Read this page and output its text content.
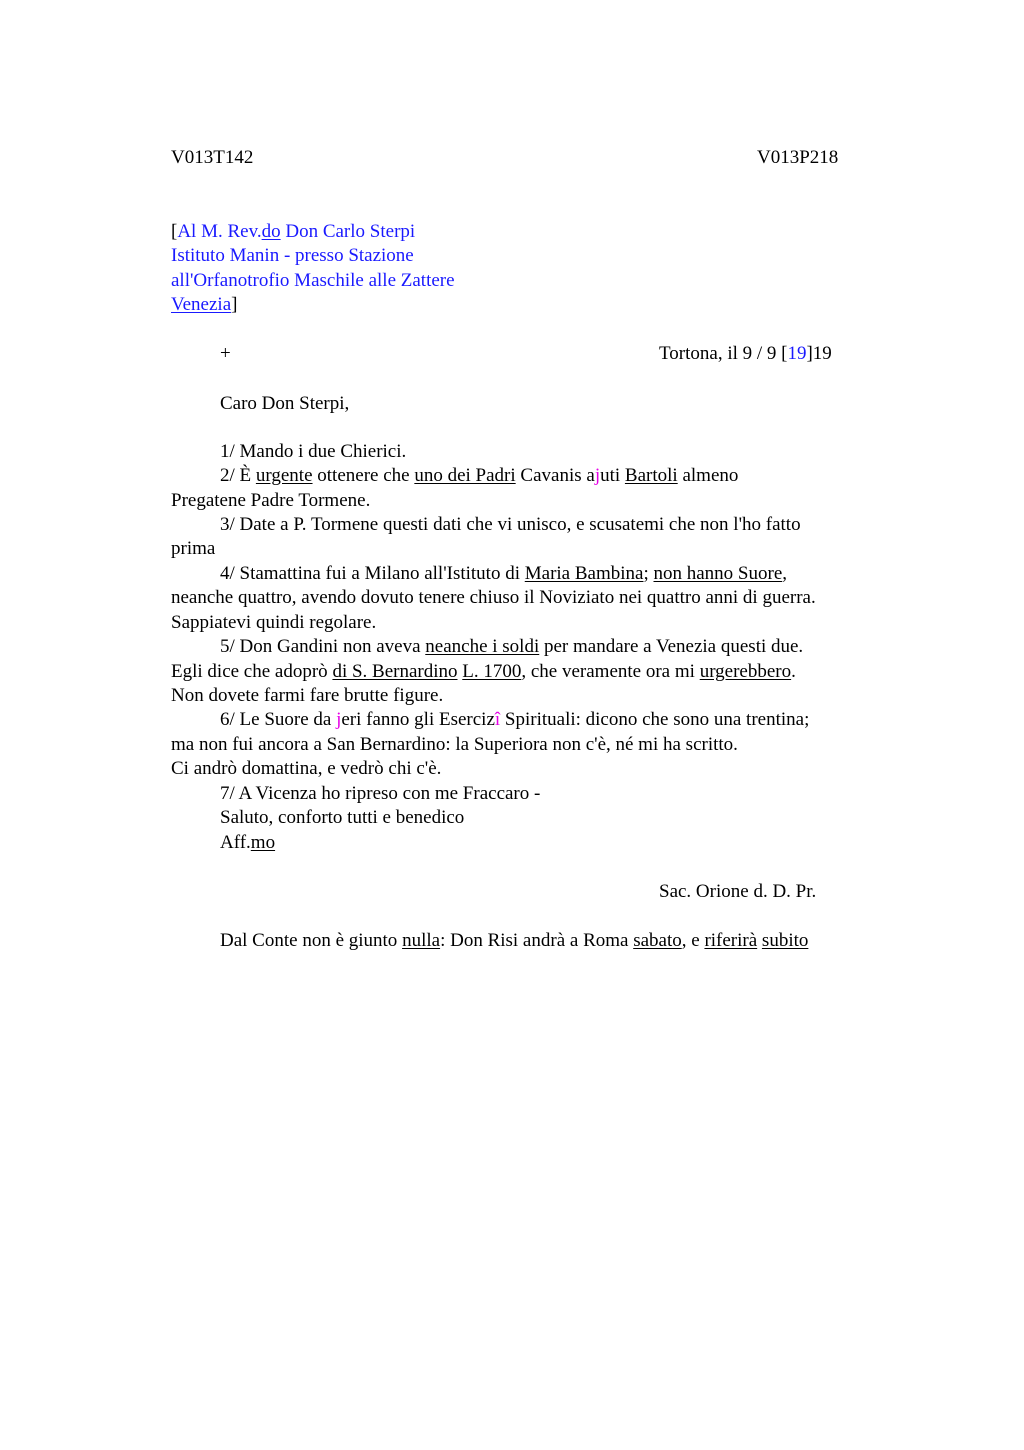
V013T142	V013P218
[Al M. Rev.do Don Carlo Sterpi
Istituto Manin - presso Stazione
all'Orfanotrofio Maschile alle Zattere
Venezia]
+	Tortona, il 9 / 9 [19]19
Caro Don Sterpi,
1/ Mando i due Chierici.
2/ È urgente ottenere che uno dei Padri Cavanis ajuti Bartoli almeno
Pregatene Padre Tormene.
3/ Date a P. Tormene questi dati che vi unisco, e scusatemi che non l'ho fatto
prima
4/ Stamattina fui a Milano all'Istituto di Maria Bambina; non hanno Suore,
neanche quattro, avendo dovuto tenere chiuso il Noviziato nei quattro anni di guerra.
Sappiatevi quindi regolare.
5/ Don Gandini non aveva neanche i soldi per mandare a Venezia questi due.
Egli dice che adoprò di S. Bernardino L. 1700, che veramente ora mi urgerebbero.
Non dovete farmi fare brutte figure.
6/ Le Suore da jeri fanno gli Esercizî Spirituali: dicono che sono una trentina;
ma non fui ancora a San Bernardino: la Superiora non c'è, né mi ha scritto.
Ci andrò domattina, e vedrò chi c'è.
7/ A Vicenza ho ripreso con me Fraccaro -
Saluto, conforto tutti e benedico
Aff.mo
Sac. Orione d. D. Pr.
Dal Conte non è giunto nulla: Don Risi andrà a Roma sabato, e riferirà subito
